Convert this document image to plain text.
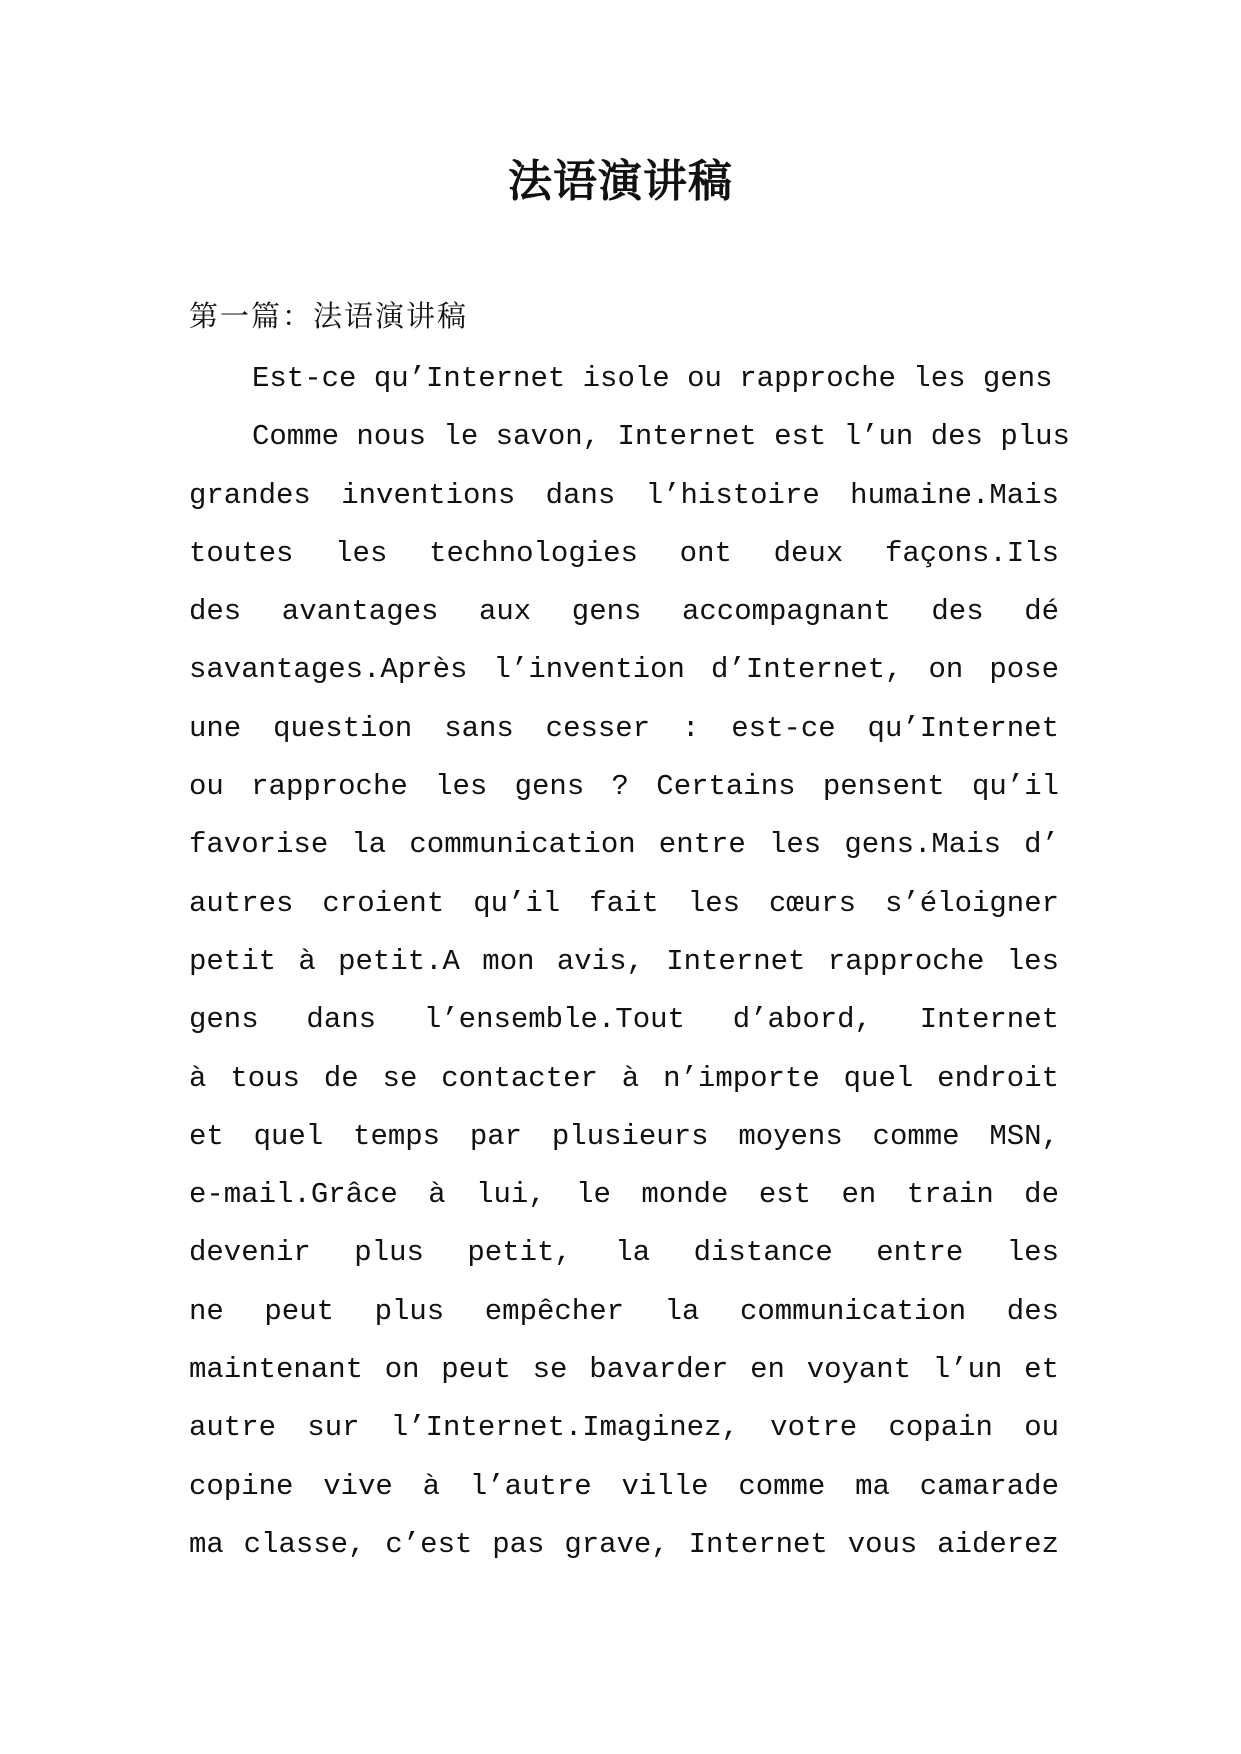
法语演讲稿
第一篇：法语演讲稿
Est-ce qu’Internet isole ou rapproche les gens
Comme nous le savon, Internet est l’un des plus
grandes inventions dans l’histoire humaine.Mais
toutes les technologies ont deux façons.Ils
des avantages aux gens accompagnant des dé
savantages.Après l’invention d’Internet, on pose
une question sans cesser : est-ce qu’Internet
ou rapproche les gens ? Certains pensent qu’il
favorise la communication entre les gens.Mais d’
autres croient qu’il fait les cœurs s’éloigner
petit à petit.A mon avis, Internet rapproche les
gens dans l’ensemble.Tout d’abord, Internet
à tous de se contacter à n’importe quel endroit
et quel temps par plusieurs moyens comme MSN,
e-mail.Grâce à lui, le monde est en train de
devenir plus petit, la distance entre les
ne peut plus empêcher la communication des
maintenant on peut se bavarder en voyant l’un et
autre sur l’Internet.Imaginez, votre copain ou
copine vive à l’autre ville comme ma camarade
ma classe, c’est pas grave, Internet vous aiderez
